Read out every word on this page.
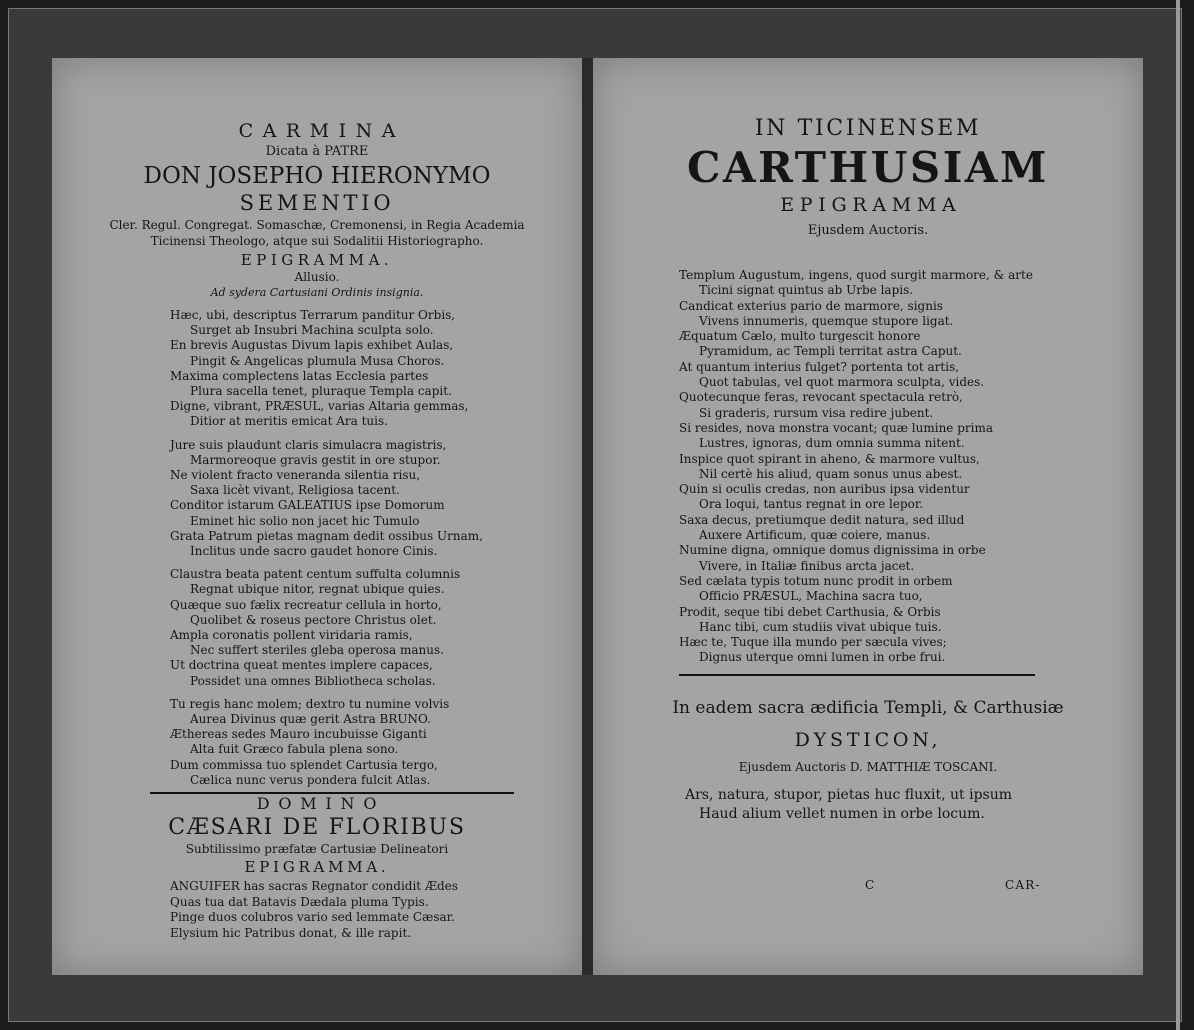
CARMINA
Dicata à PATRE
DON JOSEPHO HIERONYMO
SEMENTIO
Cler. Regul. Congregat. Somaschæ, Cremonensi, in Regia Academia
Ticinensi Theologo, atque sui Sodalitii Historiographo.
EPIGRAMMA.
Allusio.
Ad sydera Cartusiani Ordinis insignia.
Hæc, ubi, descriptus Terrarum panditur Orbis,
Surget ab Insubri Machina sculpta solo.
En brevis Augustas Divum lapis exhibet Aulas,
Pingit & Angelicas plumula Musa Choros.
Maxima complectens latas Ecclesia partes
Plura sacella tenet, pluraque Templa capit.
Digne, vibrant, PRÆSUL, varias Altaria gemmas,
Ditior at meritis emicat Ara tuis.
Jure suis plaudunt claris simulacra magistris,
Marmoreoque gravis gestit in ore stupor.
Ne violent fracto veneranda silentia risu,
Saxa licèt vivant, Religiosa tacent.
Conditor istarum GALEATIUS ipse Domorum
Eminet hic solio non jacet hic Tumulo
Grata Patrum pietas magnam dedit ossibus Urnam,
Inclitus unde sacro gaudet honore Cinis.
Claustra beata patent centum suffulta columnis
Regnat ubique nitor, regnat ubique quies.
Quæque suo fælix recreatur cellula in horto,
Quolibet & roseus pectore Christus olet.
Ampla coronatis pollent viridaria ramis,
Nec suffert steriles gleba operosa manus.
Ut doctrina queat mentes implere capaces,
Possidet una omnes Bibliotheca scholas.
Tu regis hanc molem; dextro tu numine volvis
Aurea Divinus quæ gerit Astra BRUNO.
Æthereas sedes Mauro incubuisse Giganti
Alta fuit Græco fabula plena sono.
Dum commissa tuo splendet Cartusia tergo,
Cælica nunc verus pondera fulcit Atlas.
DOMINO
CÆSARI DE FLORIBUS
Subtilissimo præfatæ Cartusiæ Delineatori
EPIGRAMMA.
ANGUIFER has sacras Regnator condidit Ædes
Quas tua dat Batavis Dædala pluma Typis.
Pinge duos colubros vario sed lemmate Cæsar.
Elysium hic Patribus donat, & ille rapit.
IN TICINENSEM
CARTHUSIAM
EPIGRAMMA
Ejusdem Auctoris.
Templum Augustum, ingens, quod surgit marmore, & arte
Ticini signat quintus ab Urbe lapis.
Candicat exterius pario de marmore, signis
Vivens innumeris, quemque stupore ligat.
Æquatum Cælo, multo turgescit honore
Pyramidum, ac Templi territat astra Caput.
At quantum interius fulget? portenta tot artis,
Quot tabulas, vel quot marmora sculpta, vides.
Quotecunque feras, revocant spectacula retrò,
Si graderis, rursum visa redire jubent.
Si resides, nova monstra vocant; quæ lumine prima
Lustres, ignoras, dum omnia summa nitent.
Inspice quot spirant in aheno, & marmore vultus,
Nil certè his aliud, quam sonus unus abest.
Quin si oculis credas, non auribus ipsa videntur
Ora loqui, tantus regnat in ore lepor.
Saxa decus, pretiumque dedit natura, sed illud
Auxere Artificum, quæ coiere, manus.
Numine digna, omnique domus dignissima in orbe
Vivere, in Italiæ finibus arcta jacet.
Sed cælata typis totum nunc prodit in orbem
Officio PRÆSUL, Machina sacra tuo,
Prodit, seque tibi debet Carthusia, & Orbis
Hanc tibi, cum studiis vivat ubique tuis.
Hæc te, Tuque illa mundo per sæcula vives;
Dignus uterque omni lumen in orbe frui.
In eadem sacra ædificia Templi, & Carthusiæ
DYSTICON,
Ejusdem Auctoris D. MATTHIÆ TOSCANI.
Ars, natura, stupor, pietas huc fluxit, ut ipsum
Haud alium vellet numen in orbe locum.
C	CAR-
